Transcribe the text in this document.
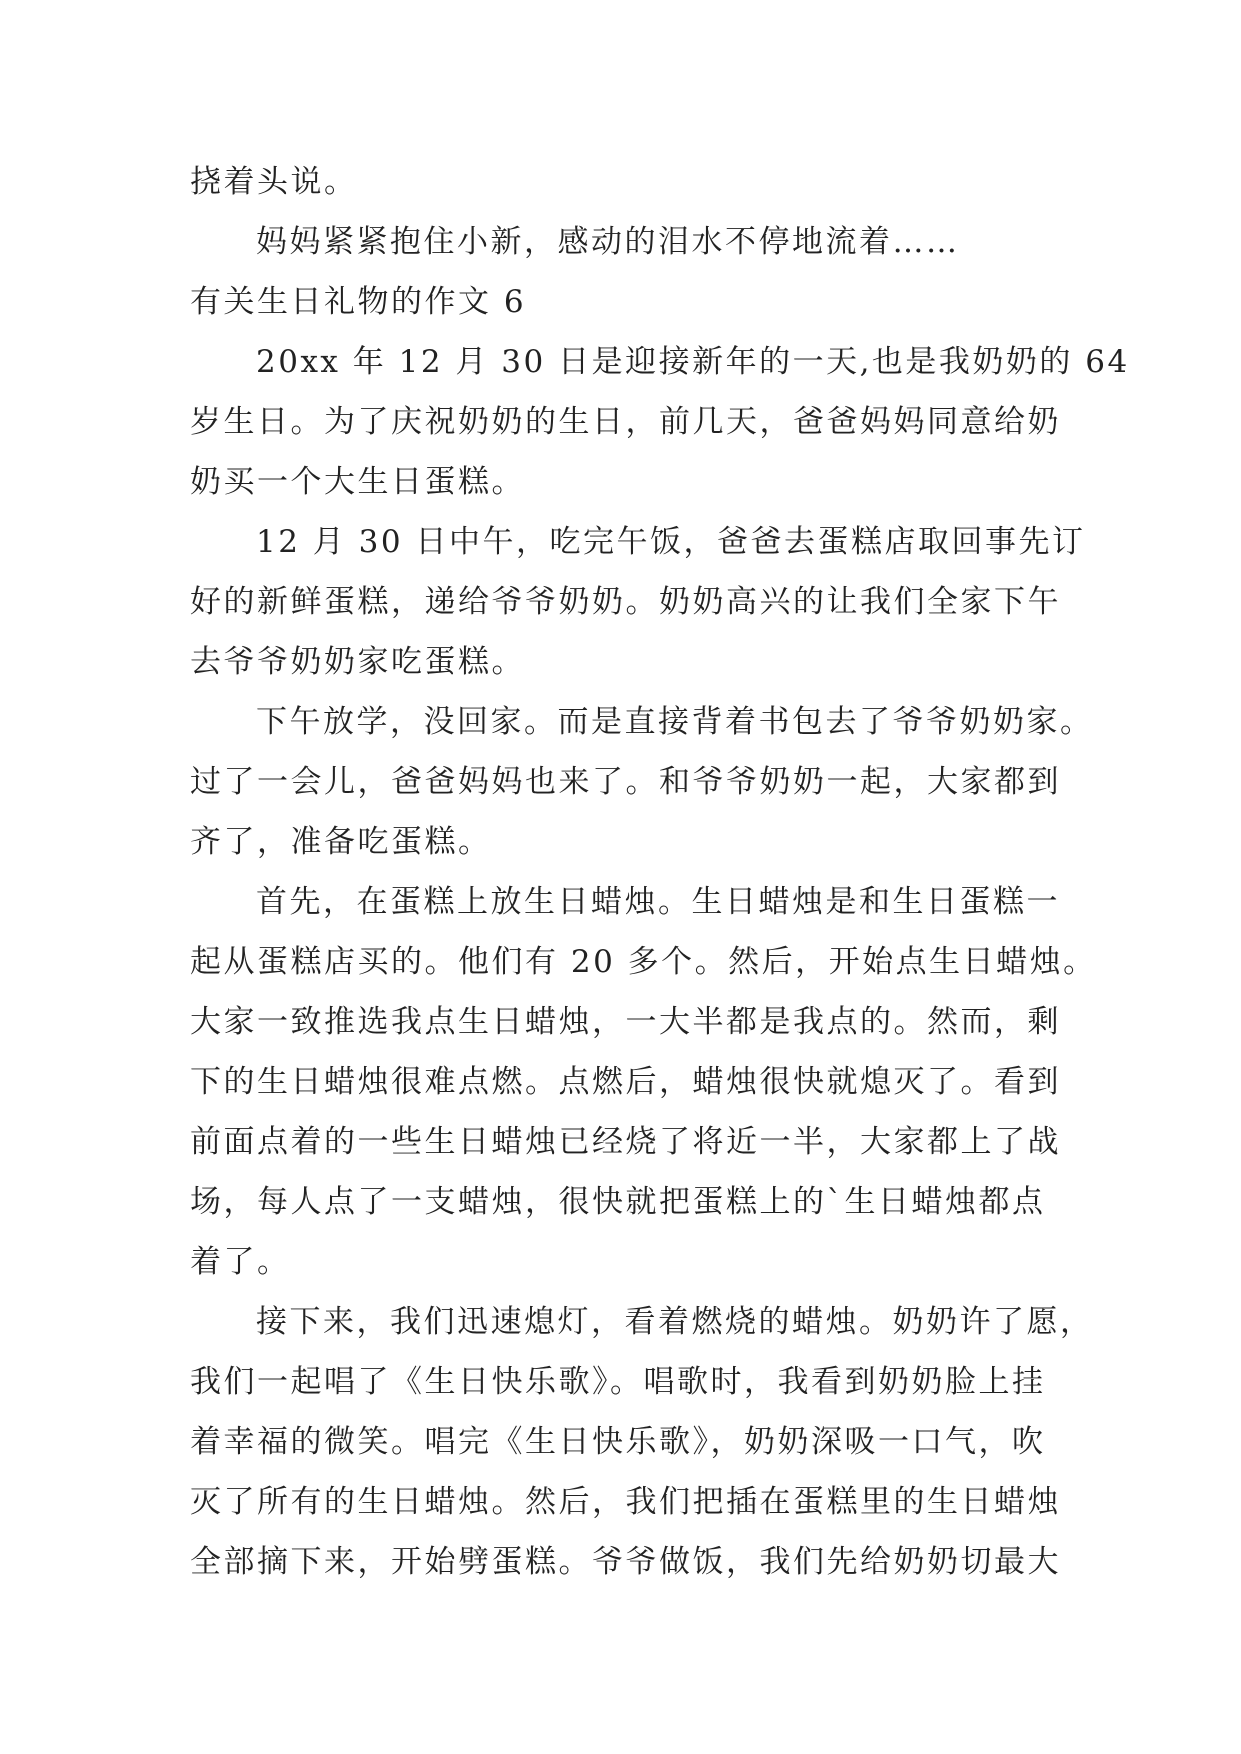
挠着头说。
妈妈紧紧抱住小新，感动的泪水不停地流着……
有关生日礼物的作文 6
20xx 年 12 月 30 日是迎接新年的一天,也是我奶奶的 64
岁生日。为了庆祝奶奶的生日，前几天，爸爸妈妈同意给奶
奶买一个大生日蛋糕。
12 月 30 日中午，吃完午饭，爸爸去蛋糕店取回事先订
好的新鲜蛋糕，递给爷爷奶奶。奶奶高兴的让我们全家下午
去爷爷奶奶家吃蛋糕。
下午放学，没回家。而是直接背着书包去了爷爷奶奶家。
过了一会儿，爸爸妈妈也来了。和爷爷奶奶一起，大家都到
齐了，准备吃蛋糕。
首先，在蛋糕上放生日蜡烛。生日蜡烛是和生日蛋糕一
起从蛋糕店买的。他们有 20 多个。然后，开始点生日蜡烛。
大家一致推选我点生日蜡烛，一大半都是我点的。然而，剩
下的生日蜡烛很难点燃。点燃后，蜡烛很快就熄灭了。看到
前面点着的一些生日蜡烛已经烧了将近一半，大家都上了战
场，每人点了一支蜡烛，很快就把蛋糕上的`生日蜡烛都点
着了。
接下来，我们迅速熄灯，看着燃烧的蜡烛。奶奶许了愿，
我们一起唱了《生日快乐歌》。唱歌时，我看到奶奶脸上挂
着幸福的微笑。唱完《生日快乐歌》，奶奶深吸一口气，吹
灭了所有的生日蜡烛。然后，我们把插在蛋糕里的生日蜡烛
全部摘下来，开始劈蛋糕。爷爷做饭，我们先给奶奶切最大
